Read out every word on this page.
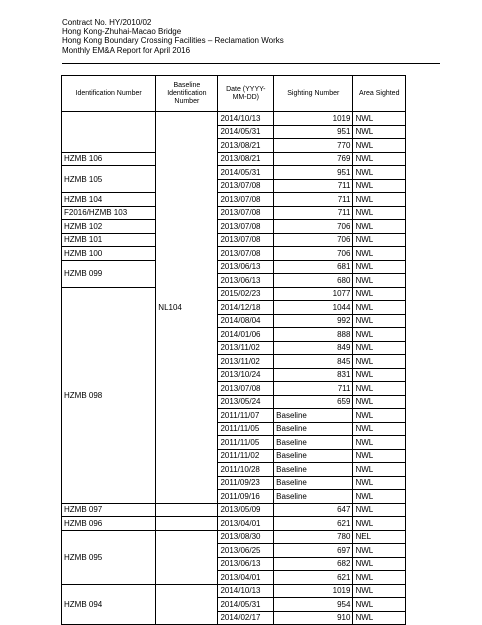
Contract No. HY/2010/02
Hong Kong-Zhuhai-Macao Bridge
Hong Kong Boundary Crossing Facilities – Reclamation Works
Monthly EM&A Report for April 2016
Identification Number	Baseline Identification Number	Date (YYYY-MM-DD)	Sighting Number	Area Sighted
	NL104	2014/10/13	1019	NWL
		2014/05/31	951	NWL
		2013/08/21	770	NWL
HZMB 106		2013/08/21	769	NWL
HZMB 105		2014/05/31	951	NWL
		2013/07/08	711	NWL
HZMB 104		2013/07/08	711	NWL
F2016/HZMB 103		2013/07/08	711	NWL
HZMB 102		2013/07/08	706	NWL
HZMB 101		2013/07/08	706	NWL
HZMB 100		2013/07/08	706	NWL
HZMB 099		2013/06/13	681	NWL
		2013/06/13	680	NWL
HZMB 098		2015/02/23	1077	NWL
		2014/12/18	1044	NWL
		2014/08/04	992	NWL
		2014/01/06	888	NWL
		2013/11/02	849	NWL
		2013/11/02	845	NWL
		2013/10/24	831	NWL
		2013/07/08	711	NWL
		2013/05/24	659	NWL
		2011/11/07	Baseline	NWL
		2011/11/05	Baseline	NWL
		2011/11/05	Baseline	NWL
		2011/11/02	Baseline	NWL
		2011/10/28	Baseline	NWL
		2011/09/23	Baseline	NWL
		2011/09/16	Baseline	NWL
HZMB 097		2013/05/09	647	NWL
HZMB 096		2013/04/01	621	NWL
HZMB 095		2013/08/30	780	NEL
		2013/06/25	697	NWL
		2013/06/13	682	NWL
		2013/04/01	621	NWL
HZMB 094		2014/10/13	1019	NWL
		2014/05/31	954	NWL
		2014/02/17	910	NWL
